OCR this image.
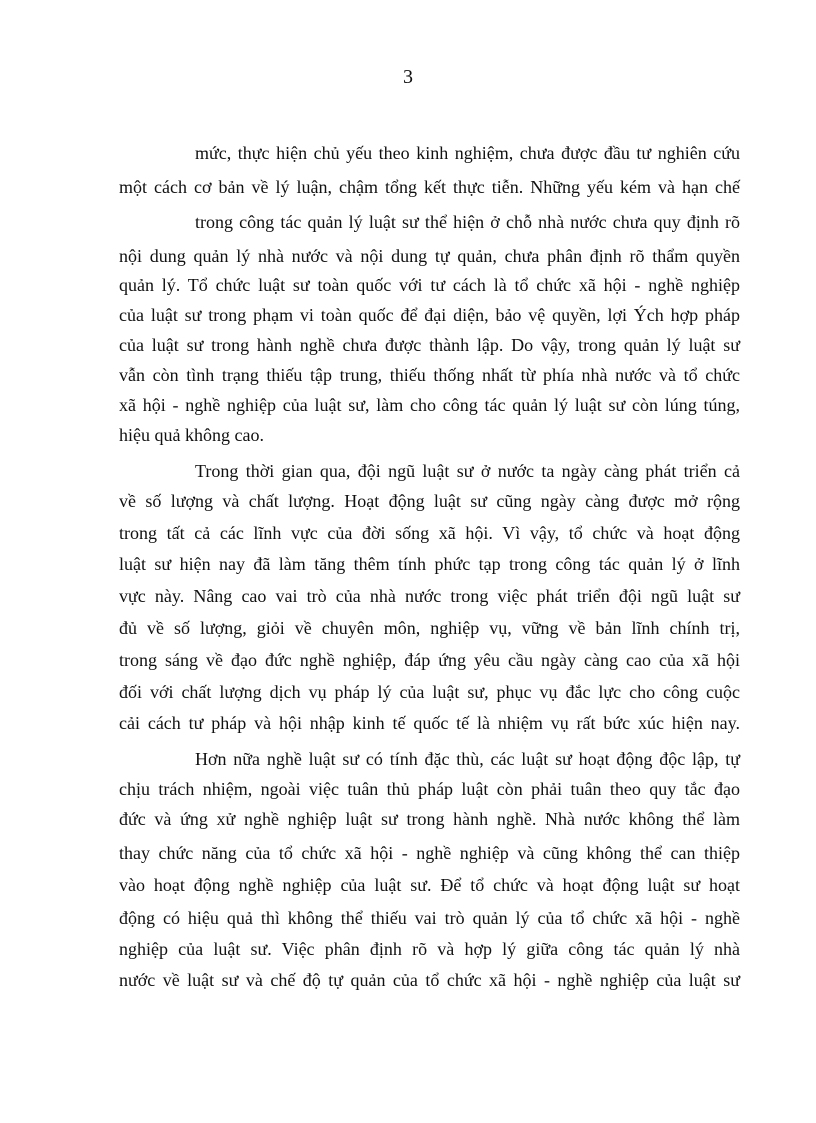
3
mức, thực hiện chủ yếu theo kinh nghiệm, chưa được đầu tư nghiên cứu
một cách cơ bản về lý luận, chậm tổng kết thực tiễn. Những yếu kém và hạn chế
trong công tác quản lý luật sư thể hiện ở chỗ nhà nước chưa quy định rõ
nội dung quản lý nhà nước và nội dung tự quản, chưa phân định rõ thẩm quyền
quản lý. Tổ chức luật sư toàn quốc với tư cách là tổ chức xã hội - nghề nghiệp
của luật sư trong phạm vi toàn quốc để đại diện, bảo vệ quyền, lợi Ých hợp pháp
của luật sư trong hành nghề chưa được thành lập. Do vậy, trong quản lý luật sư
vẫn còn tình trạng thiếu tập trung, thiếu thống nhất từ phía nhà nước và tổ chức
xã hội - nghề nghiệp của luật sư, làm cho công tác quản lý luật sư còn lúng túng,
hiệu quả không cao.
Trong thời gian qua, đội ngũ luật sư ở nước ta ngày càng phát triển cả
về số lượng và chất lượng. Hoạt động luật sư cũng ngày càng được mở rộng
trong tất cả các lĩnh vực của đời sống xã hội. Vì vậy, tổ chức và hoạt động
luật sư hiện nay đã làm tăng thêm tính phức tạp trong công tác quản lý ở lĩnh
vực này. Nâng cao vai trò của nhà nước trong việc phát triển đội ngũ luật sư
đủ về số lượng, giỏi về chuyên môn, nghiệp vụ, vững về bản lĩnh chính trị,
trong sáng về đạo đức nghề nghiệp, đáp ứng yêu cầu ngày càng cao của xã hội
đối với chất lượng dịch vụ pháp lý của luật sư, phục vụ đắc lực cho công cuộc
cải cách tư pháp và hội nhập kinh tế quốc tế là nhiệm vụ rất bức xúc hiện nay.
Hơn nữa nghề luật sư có tính đặc thù, các luật sư hoạt động độc lập, tự
chịu trách nhiệm, ngoài việc tuân thủ pháp luật còn phải tuân theo quy tắc đạo
đức và ứng xử nghề nghiệp luật sư trong hành nghề. Nhà nước không thể làm
thay chức năng của tổ chức xã hội - nghề nghiệp và cũng không thể can thiệp
vào hoạt động nghề nghiệp của luật sư. Để tổ chức và hoạt động luật sư hoạt
động có hiệu quả thì không thể thiếu vai trò quản lý của tổ chức xã hội - nghề
nghiệp của luật sư. Việc phân định rõ và hợp lý giữa công tác quản lý nhà
nước về luật sư và chế độ tự quản của tổ chức xã hội - nghề nghiệp của luật sư
